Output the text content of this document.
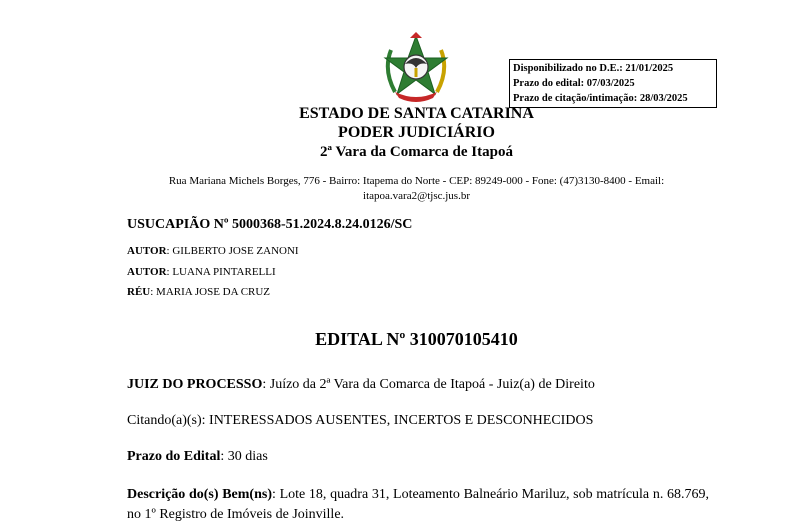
Disponibilizado no D.E.: 21/01/2025
Prazo do edital: 07/03/2025
Prazo de citação/intimação: 28/03/2025
ESTADO DE SANTA CATARINA
PODER JUDICIÁRIO
2ª Vara da Comarca de Itapoá
Rua Mariana Michels Borges, 776 - Bairro: Itapema do Norte - CEP: 89249-000 - Fone: (47)3130-8400 - Email:
itapoa.vara2@tjsc.jus.br
USUCAPIÃO Nº 5000368-51.2024.8.24.0126/SC
AUTOR: GILBERTO JOSE ZANONI
AUTOR: LUANA PINTARELLI
RÉU: MARIA JOSE DA CRUZ
EDITAL Nº 310070105410
JUIZ DO PROCESSO: Juízo da 2ª Vara da Comarca de Itapoá - Juiz(a) de Direito
Citando(a)(s): INTERESSADOS AUSENTES, INCERTOS E DESCONHECIDOS
Prazo do Edital: 30 dias
Descrição do(s) Bem(ns): Lote 18, quadra 31, Loteamento Balneário Mariluz, sob matrícula n. 68.769, no 1º Registro de Imóveis de Joinville.
